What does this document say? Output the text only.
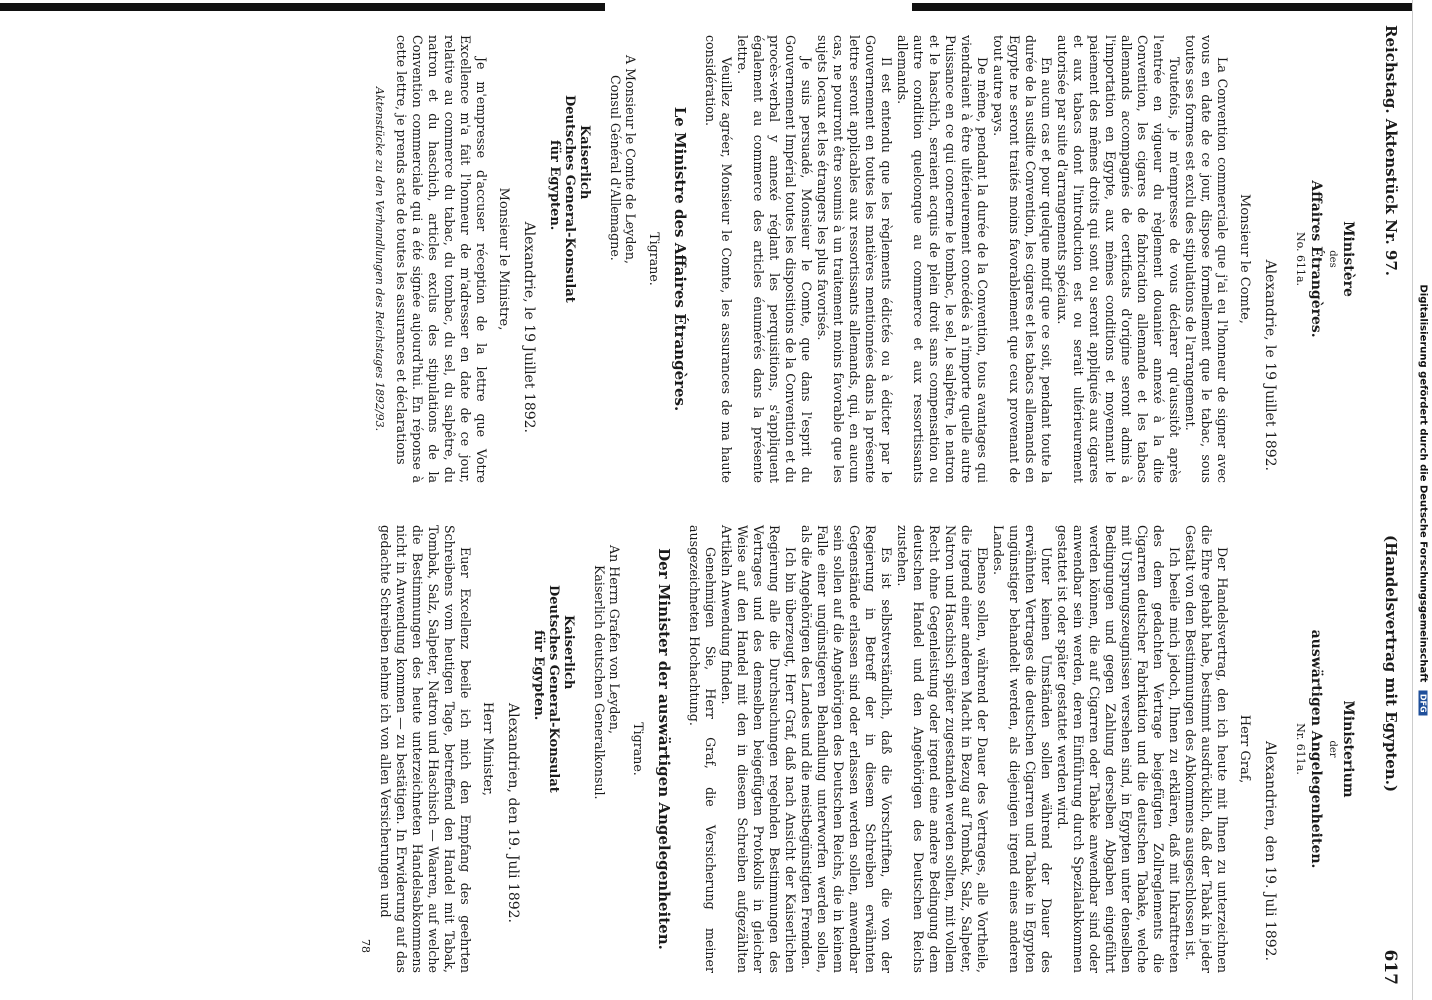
Reichstag. Aktenstück Nr. 97.
(Handelsvertrag mit Egypten.)
617
Ministère
des
Affaires Étrangères.
No. 611a.
Alexandrie, le 19 Juillet 1892.
Monsieur le Comte,

La Convention commerciale que j'ai eu l'honneur de signer avec vous en date de ce jour, dispose formellement que le tabac, sous toutes ses formes est exclu des stipulations de l'arrangement.

Toutefois, je m'empresse de vous déclarer qu'aussitôt après l'entrée en vigueur du règlement douanier annexé à la dite Convention, les cigares de fabrication allemande et les tabacs allemands accompagnés de certificats d'origine seront admis à l'importation en Egypte, aux mêmes conditions et moyennant le paiement des mêmes droits qui sont ou seront appliqués aux cigares et aux tabacs dont l'introduction est ou serait ultérieurement autorisée par suite d'arrangements spéciaux.

En aucun cas et pour quelque motif que ce soit, pendant toute la durée de la susdite Convention, les cigares et les tabacs allemands en Egypte ne seront traités moins favorablement que ceux provenant de tout autre pays.

De même, pendant la durée de la Convention, tous avantages qui viendraient à être ultérieurement concédés à n'importe quelle autre Puissance en ce qui concerne le tombac, le sel, le salpêtre, le natron et le haschich, seraient acquis de plein droit sans compensation ou autre condition quelconque au commerce et aux ressortissants allemands.

Il est entendu que les règlements édictés ou à édicter par le Gouvernement en toutes les matières mentionnées dans la présente lettre seront applicables aux ressortissants allemands, qui, en aucun cas, ne pourront être soumis à un traitement moins favorable que les sujets locaux et les étrangers les plus favorisés.

Je suis persuadé, Monsieur le Comte, que dans l'esprit du Gouvernement Impérial toutes les dispositions de la Convention et du procès-verbal y annexé réglant les perquisitions, s'appliquent également au commerce des articles énumérés dans la présente lettre.

Veuillez agréer, Monsieur le Comte, les assurances de ma haute considération.

Le Ministre des Affaires Étrangères.
Tigrane.
A Monsieur le Comte de Leyden,
Consul Général d'Allemagne.
Kaiserlich
Deutsches General-Konsulat
für Egypten.
Alexandrie, le 19 Juillet 1892.
Monsieur le Ministre,

Je m'empresse d'accuser réception de la lettre que Votre Excellence m'a fait l'honneur de m'adresser en date de ce jour, relative au commerce du tabac, du tombac, du sel, du salpêtre, du natron et du haschich, articles exclus des stipulations de la Convention commerciale qui a été signée aujourd'hui. En réponse à cette lettre, je prends acte de toutes les assurances et déclarations

Aktenstücke zu den Verhandlungen des Reichstages 1892/93.
Ministerium
der
auswärtigen Angelegenheiten.
Nr. 611a.
Alexandrien, den 19. Juli 1892.
Herr Graf,

Der Handelsvertrag, den ich heute mit Ihnen zu unterzeichnen die Ehre gehabt habe, bestimmt ausdrücklich, daß der Tabak in jeder Gestalt von den Bestimmungen des Abkommens ausgeschlossen ist.

Ich beeile mich jedoch, Ihnen zu erklären, daß mit Inkrafttreten des dem gedachten Vertrage beigefügten Zollreglements die Cigarren deutscher Fabrikation und die deutschen Tabake, welche mit Ursprungszeugnissen versehen sind, in Egypten unter denselben Bedingungen und gegen Zahlung derselben Abgaben eingeführt werden können, die auf Cigarren oder Tabake anwendbar sind oder anwendbar sein werden, deren Einführung durch Spezialabkommen gestattet ist oder später gestattet werden wird.

Unter keinen Umständen sollen während der Dauer des erwähnten Vertrages die deutschen Cigarren und Tabake in Egypten ungünstiger behandelt werden, als diejenigen irgend eines anderen Landes.

Ebenso sollen, während der Dauer des Vertrages, alle Vortheile, die irgend einer anderen Macht in Bezug auf Tombak, Salz, Salpeter, Natron und Haschisch später zugestanden werden sollten, mit vollem Recht ohne Gegenleistung oder irgend eine andere Bedingung dem deutschen Handel und den Angehörigen des Deutschen Reichs zustehen.

Es ist selbstverständlich, daß die Vorschriften, die von der Regierung in Betreff der in diesem Schreiben erwähnten Gegenstände erlassen sind oder erlassen werden sollen, anwendbar sein sollen auf die Angehörigen des Deutschen Reichs, die in keinem Falle einer ungünstigeren Behandlung unterworfen werden sollen, als die Angehörigen des Landes und die meistbegünstigten Fremden.

Ich bin überzeugt, Herr Graf, daß nach Ansicht der Kaiserlichen Regierung alle die Durchsuchungen regelnden Bestimmungen des Vertrages und des demselben beigefügten Protokolls in gleicher Weise auf den Handel mit den in diesem Schreiben aufgezählten Artikeln Anwendung finden.

Genehmigen Sie, Herr Graf, die Versicherung meiner ausgezeichneten Hochachtung.

Der Minister der auswärtigen Angelegenheiten.
Tigrane.
An Herrn Grafen von Leyden,
Kaiserlich deutschen Generalkonsul.
Kaiserlich
Deutsches General-Konsulat
für Egypten.
Alexandrien, den 19. Juli 1892.
Herr Minister,

Euer Excellenz beeile ich mich den Empfang des geehrten Schreibens vom heutigen Tage, betreffend den Handel mit Tabak, Tombak, Salz, Salpeter, Natron und Haschisch — Waaren, auf welche die Bestimmungen des heute unterzeichneten Handelsabkommens nicht in Anwendung kommen — zu bestätigen. In Erwiderung auf das gedachte Schreiben nehme ich von allen Versicherungen und

78
Digitalisierung gefördert durch die Deutsche Forschungsgemeinschaft DFG
